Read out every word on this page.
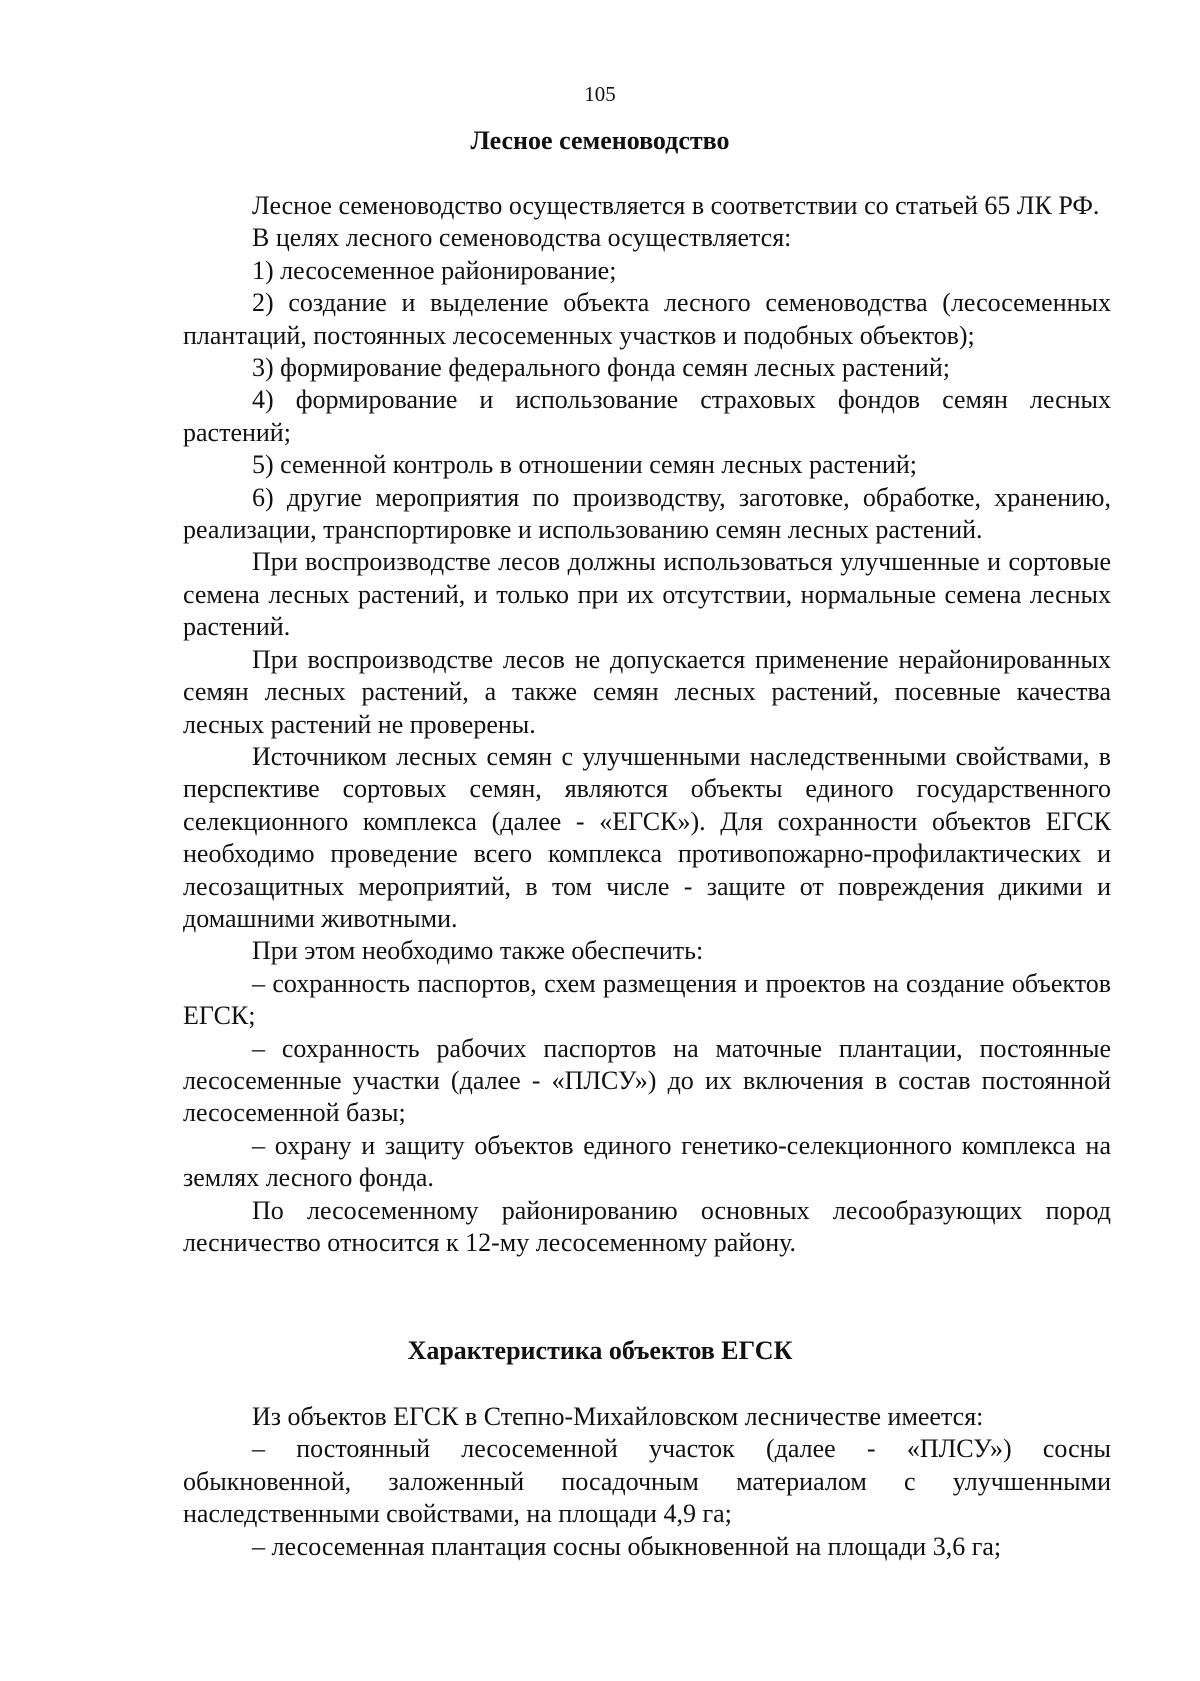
105
Лесное семеноводство

Лесное семеноводство осуществляется в соответствии со статьей 65 ЛК РФ.

В целях лесного семеноводства осуществляется:

1) лесосеменное районирование;

2) создание и выделение объекта лесного семеноводства (лесосеменных плантаций, постоянных лесосеменных участков и подобных объектов);

3) формирование федерального фонда семян лесных растений;

4) формирование и использование страховых фондов семян лесных растений;

5) семенной контроль в отношении семян лесных растений;

6) другие мероприятия по производству, заготовке, обработке, хранению, реализации, транспортировке и использованию семян лесных растений.

При воспроизводстве лесов должны использоваться улучшенные и сортовые семена лесных растений, и только при их отсутствии, нормальные семена лесных растений.

При воспроизводстве лесов не допускается применение нерайонированных семян лесных растений, а также семян лесных растений, посевные качества лесных растений не проверены.

Источником лесных семян с улучшенными наследственными свойствами, в перспективе сортовых семян, являются объекты единого государственного селекционного комплекса (далее - «ЕГСК»). Для сохранности объектов ЕГСК необходимо проведение всего комплекса противопожарно-профилактических и лесозащитных мероприятий, в том числе - защите от повреждения дикими и домашними животными.

При этом необходимо также обеспечить:

– сохранность паспортов, схем размещения и проектов на создание объектов ЕГСК;

– сохранность рабочих паспортов на маточные плантации, постоянные лесосеменные участки (далее - «ПЛСУ») до их включения в состав постоянной лесосеменной базы;

– охрану и защиту объектов единого генетико-селекционного комплекса на землях лесного фонда.

По лесосеменному районированию основных лесообразующих пород лесничество относится к 12-му лесосеменному району.

Характеристика объектов ЕГСК

Из объектов ЕГСК в Степно-Михайловском лесничестве имеется:

– постоянный лесосеменной участок (далее - «ПЛСУ») сосны обыкновенной, заложенный посадочным материалом с улучшенными наследственными свойствами, на площади 4,9 га;

– лесосеменная плантация сосны обыкновенной на площади 3,6 га;
